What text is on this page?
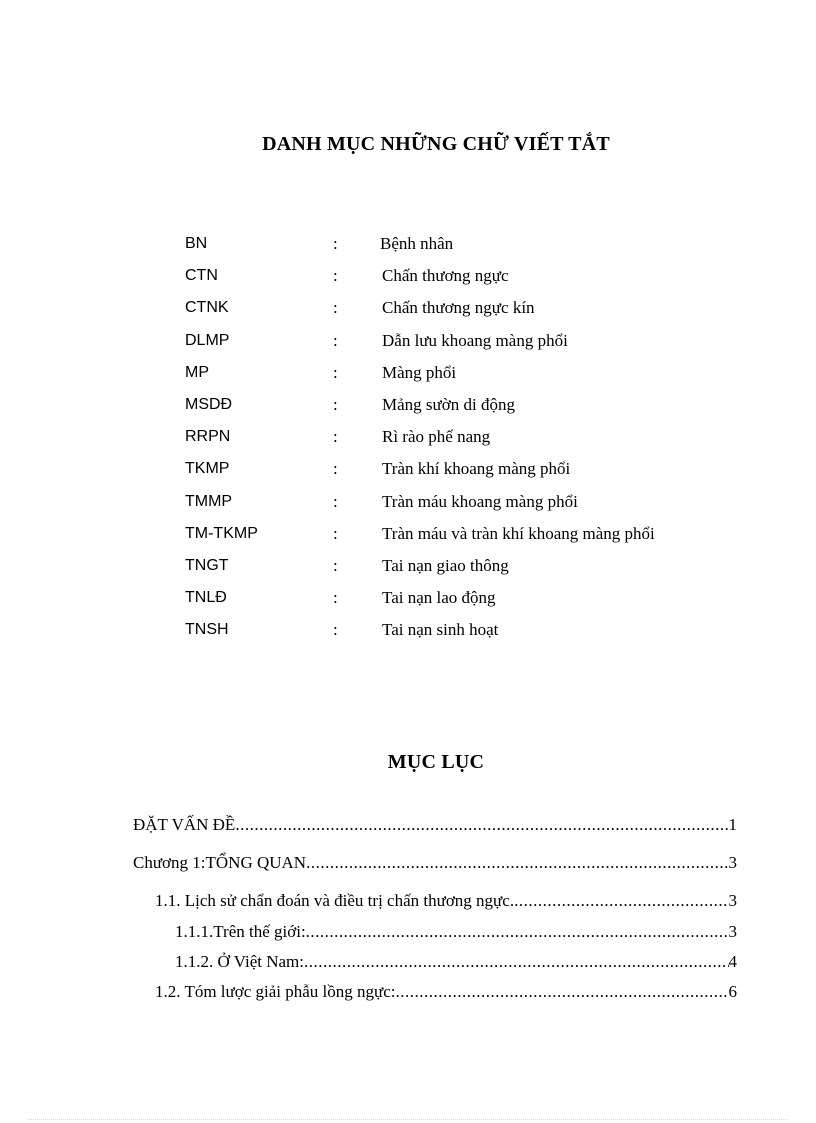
DANH MỤC NHỮNG CHỮ VIẾT TẮT
BN	: Bệnh nhân
CTN	:	Chấn thương ngực
CTNK	:	Chấn thương ngực kín
DLMP	:	Dẫn lưu khoang màng phổi
MP	:	Màng phổi
MSDĐ	:	Mảng sườn di động
RRPN	:	Rì rào phế nang
TKMP	:	Tràn khí khoang màng phổi
TMMP	:	Tràn máu khoang màng phổi
TM-TKMP	:	Tràn máu và tràn khí khoang màng phổi
TNGT	:	Tai nạn giao thông
TNLĐ	:	Tai nạn lao động
TNSH	:	Tai nạn sinh hoạt
MỤC LỤC
ĐẶT VẤN ĐỀ .....	1
Chương 1:TỔNG QUAN .....	3
1.1. Lịch sử chẩn đoán và điều trị chấn thương ngực. .....	3
1.1.1.Trên thế giới: .....	3
1.1.2. Ở Việt Nam: .....	4
1.2. Tóm lược giải phẫu lồng ngực: .....	6
